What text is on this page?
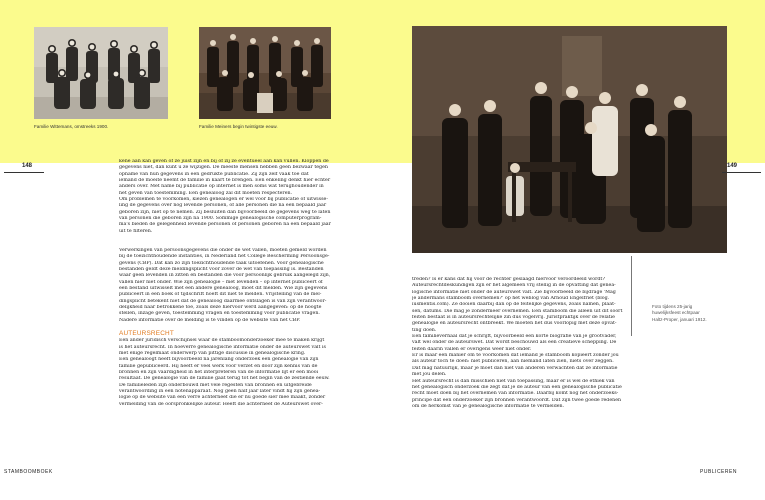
Familie Wittemans, omstreeks 1900.	Familie Meiners begin twintigste eeuw.
148	149

kene aan kan geven of ze juist zijn en bij of zij ze eventueel aan kan vullen. Kloppen de

gegevens niet, dan kunt u ze wijzigen. De meeste mensen hebben geen bezwaar tegen

opname van hun gegevens in een gedrukte publicatie. Zij zijn zelf vaak toe dat

iemand de moeite neemt de familie in kaart te brengen. Een enkeling denkt hier echter

anders over. Met name bij publicatie op internet is men soms wat terughoudender in

het geven van toestemming. Een genealoog zal dit moeten respecteren.

Om problemen te voorkomen, kiezen genealogen er wel voor bij publicatie of uitwisse-

ling de gegevens over nog levende personen, of alle personen die na een bepaald jaar

geboren zijn, niet op te nemen. Zij besluiten dan bijvoorbeeld de gegevens weg te laten

van personen die geboren zijn na 1900. Sommige genealogische computerprogram-

ma's bieden de gelegenheid levende personen of personen geboren na een bepaald jaar

uit te filteren.

Verwerkingen van persoonsgegevens die onder de wet vallen, moeten gemeld worden

bij de toezichthoudende instanties, in Nederland het College Bescherming Persoonsge-

gevens (CBP). Dat kan zo zijn toezichthoudende taak uitoefenen. Voor genealogische

bestanden geldt deze meldingsplicht voor zover de wet van toepassing is. Bestanden

waar geen levenden in zitten en bestanden die voor persoonlijk gebruik aangelegd zijn,

vallen hier niet onder. Wie zijn genealogie – met levenden – op internet publiceert of

een bestand uitwisselt met een andere genealoog, moet dit melden. Wie zijn gegevens

publiceert in een boek of tijdschrift hoeft dit niet te melden. Vrijstelling van de mel-

dingsplicht betekent niet dat de genealoog daarmee ontslagen is van zijn verantwoor-

delijkheid naar betrokkene toe, zoals deze hiervoor werd aangegeven: op de hoogte

stellen, inzage geven, toestemming vragen en toestemming voor publicatie vragen.

Nadere informatie over de melding is te vinden op de website van het CBP.

AUTEURSRECHT

Een ander juridisch verschijnsel waar de stamboomonderzoeker mee te maken krijgt

is het auteursrecht. In hoeverre genealogische informatie onder de auteurswet valt is

met enige regelmaat onderwerp van pittige discussie in genealogische kring.

Een genealoogt heeft bijvoorbeeld na jarenlang onderzoek een genealogie van zijn

familie gepubliceerd. Hij heeft er veel werk voor verzet en door zijn kennis van de

bronnen en zijn vaardigheid in het interpreteren van de informatie lijt er een mooi

resultaat. De genealogie van de familie gaat terug tot het begin van de zestiende eeuw.

De familieleden zijn onderbouwd met vele regesten van bronnen en uitgebreide

verantwoording in een notenapparaat. Nog geen half jaar later vindt hij zijn genea-

logie op de website van een verre achterneef die er nu goede sier mee maakt, zonder

vermelding van de oorspronkelijke auteur. Heeft die achterneef de Auteurswet over-

treden? Is er kans dat hij voor de rechter geslaagd hiervoor veroordeeld wordt?

Auteursrechtdeskundigen zijn er het algemeen vrij stellig in de opvatting dat genea-

logische informatie niet onder de auteurswet valt. Zie bijvoorbeeld de bijdrage 'Mag

je andermans stamboom overnemen?' op het weblog van Arnoud Engelfriet (blog.

iusmentis.com). Ze dooien daarbij dan op de feitelijke gegevens, zoals namen, plaat-

sen, datums. Die mag je zondermeer overnemen. Een stamboom die alleen uit dit soort

feiten bestaat is in auteursrechtelijke zin dus vogelvrij. Juristpraktijk over de relatie

genealogie en auteursrecht ontbreekt. We moeten het dus voorlopig met deze opvat-

ting doen.

Een familieverhaal dat je schrijft, bijvoorbeeld een korte biografie van je grootvader,

valt wel onder de auteurswet. Dat wordt beschouwd als een creatieve schepping. De

feiten daarin vallen er overigens weer niet onder.

Er is maar één manier om te voorkomen dat iemand je stamboom kopieert zonder jou

als auteur toch te doen: niet publiceren, aan niemand laten zien, niets over zeggen.

Dat mag natuurlijk, maar je moet dan niet van anderen verwachten dat ze informatie

met jou delen.

Het auteursrecht is dan misschien niet van toepassing, maar er is wel de ethiek van

het genealogisch onderzoek die zegt dat je de auteur van een genealogische publicatie

recht moet doen bij het overnemen van informatie. Daarbij komt nog het onderzoeks-

principe dat een onderzoeker zijn bronnen verantwoordt. Dat zijn twee goede redenen

om de herkomst van je genealogische informatie te vermelden.

Foto tijdens 25-jarig
huwelijksfeest echtpaar
Haltz-Proper, januari 1912.
STAMBOOMBOEK	PUBLICEREN
